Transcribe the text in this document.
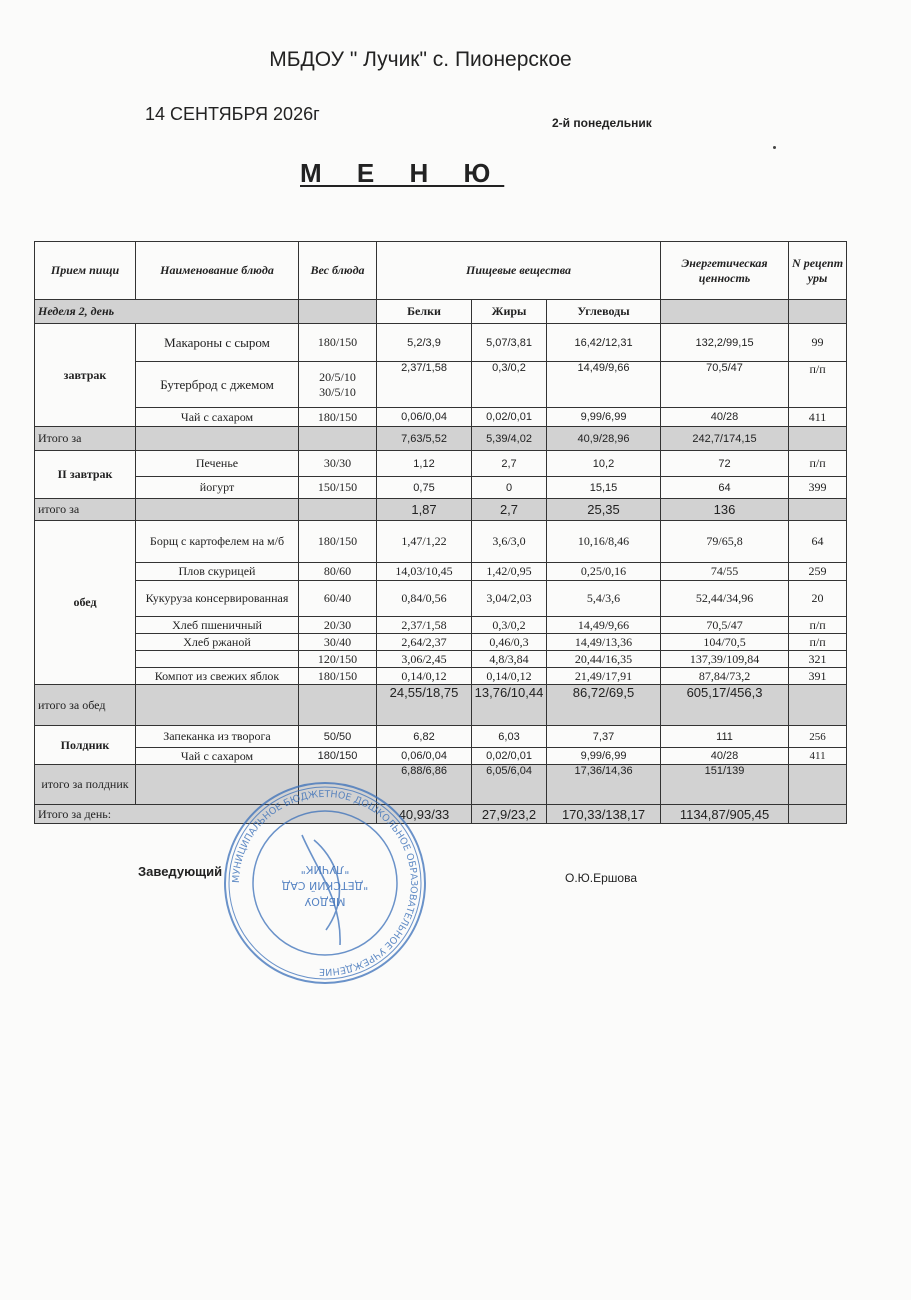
МБДОУ " Лучик" с. Пионерское
14 СЕНТЯБРЯ 2026г	2-й понедельник
М Е Н Ю
Прием пищи	Наименование блюда	Вес блюда	Пищевые вещества			Энергетическая ценность	N рецепт уры
Неделя 2, день			Белки	Жиры	Углеводы		
завтрак	Макароны с сыром	180/150	5,2/3,9	5,07/3,81	16,42/12,31	132,2/99,15	99
	Бутерброд с джемом	20/5/10 30/5/10	2,37/1,58	0,3/0,2	14,49/9,66	70,5/47	п/п
	Чай с сахаром	180/150	0,06/0,04	0,02/0,01	9,99/6,99	40/28	411
Итого за			7,63/5,52	5,39/4,02	40,9/28,96	242,7/174,15	
II завтрак	Печенье	30/30	1,12	2,7	10,2	72	п/п
	йогурт	150/150	0,75	0	15,15	64	399
итого за			1,87	2,7	25,35	136	
обед	Борщ с картофелем на м/б	180/150	1,47/1,22	3,6/3,0	10,16/8,46	79/65,8	64
	Плов скурицей	80/60	14,03/10,45	1,42/0,95	0,25/0,16	74/55	259
	Кукуруза консервированная	60/40	0,84/0,56	3,04/2,03	5,4/3,6	52,44/34,96	20
	Хлеб пшеничный	20/30	2,37/1,58	0,3/0,2	14,49/9,66	70,5/47	п/п
	Хлеб ржаной	30/40	2,64/2,37	0,46/0,3	14,49/13,36	104/70,5	п/п
		120/150	3,06/2,45	4,8/3,84	20,44/16,35	137,39/109,84	321
	Компот из свежих яблок	180/150	0,14/0,12	0,14/0,12	21,49/17,91	87,84/73,2	391
итого за обед			24,55/18,75	13,76/10,44	86,72/69,5	605,17/456,3	
Полдник	Запеканка из творога	50/50	6,82	6,03	7,37	111	256
	Чай с сахаром	180/150	0,06/0,04	0,02/0,01	9,99/6,99	40/28	411
итого за полдник			6,88/6,86	6,05/6,04	17,36/14,36	151/139	
Итого за день:			40,93/33	27,9/23,2	170,33/138,17	1134,87/905,45	
Заведующий	О.Ю.Ершова
МУНИЦИПАЛЬНОЕ БЮДЖЕТНОЕ ДОШКОЛЬНОЕ ОБРАЗОВАТЕЛЬНОЕ УЧРЕЖДЕНИЕ
МБДОУ
"ДЕТСКИЙ САД
"ЛУЧИК"
